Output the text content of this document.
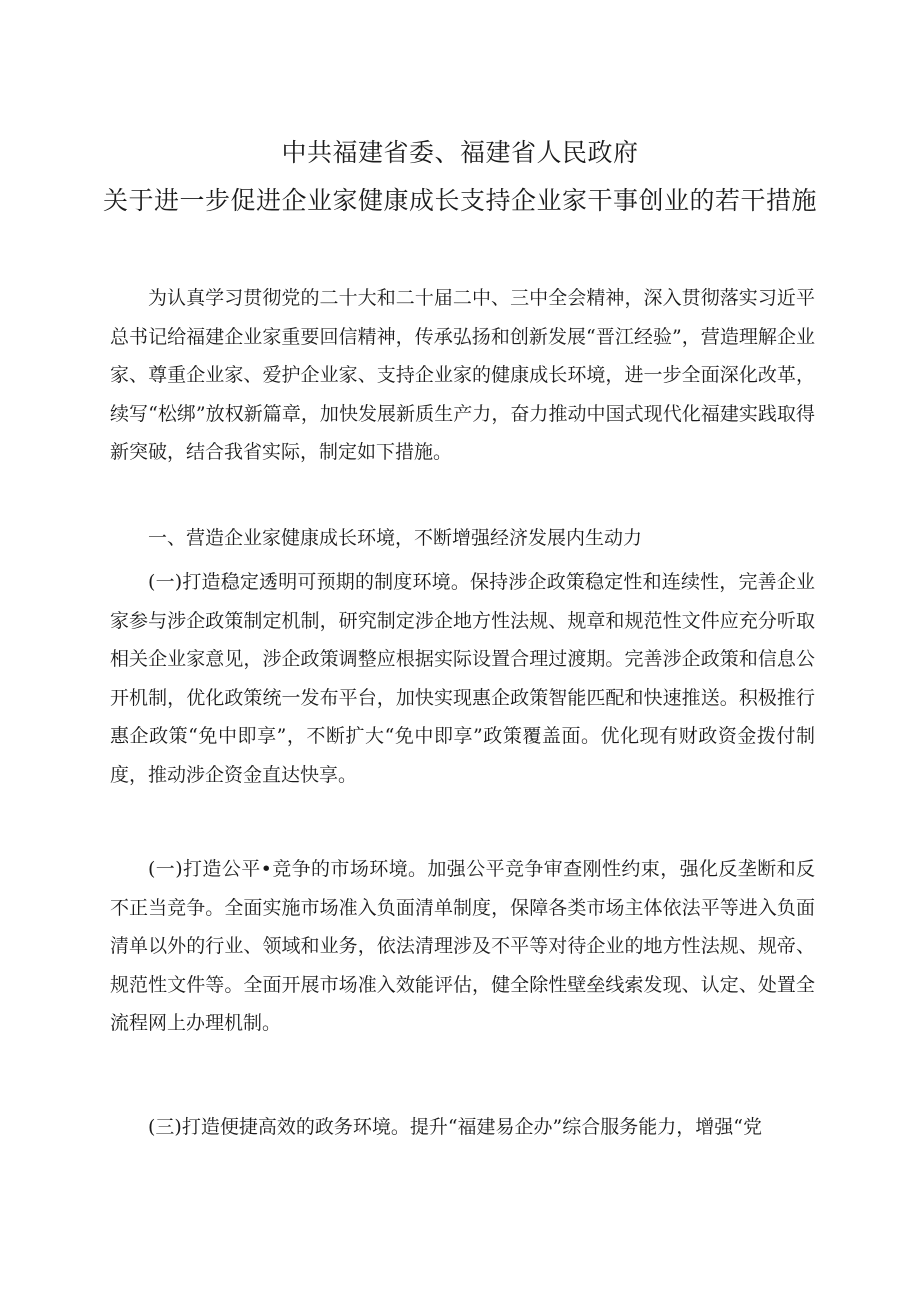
中共福建省委、福建省人民政府
关于进一步促进企业家健康成长支持企业家干事创业的若干措施

为认真学习贯彻党的二十大和二十届二中、三中全会精神，深入贯彻落实习近平总书记给福建企业家重要回信精神，传承弘扬和创新发展“晋江经验”，营造理解企业家、尊重企业家、爱护企业家、支持企业家的健康成长环境，进一步全面深化改革，续写“松绑”放权新篇章，加快发展新质生产力，奋力推动中国式现代化福建实践取得新突破，结合我省实际，制定如下措施。

一、营造企业家健康成长环境，不断增强经济发展内生动力

(一)打造稳定透明可预期的制度环境。保持涉企政策稳定性和连续性，完善企业家参与涉企政策制定机制，研究制定涉企地方性法规、规章和规范性文件应充分听取相关企业家意见，涉企政策调整应根据实际设置合理过渡期。完善涉企政策和信息公开机制，优化政策统一发布平台，加快实现惠企政策智能匹配和快速推送。积极推行惠企政策“免中即享”，不断扩大“免中即享”政策覆盖面。优化现有财政资金拨付制度，推动涉企资金直达快享。

(一)打造公平•竞争的市场环境。加强公平竞争审查刚性约束，强化反垄断和反不正当竞争。全面实施市场准入负面清单制度，保障各类市场主体依法平等进入负面清单以外的行业、领域和业务，依法清理涉及不平等对待企业的地方性法规、规帝、规范性文件等。全面开展市场准入效能评估，健全除性壁垒线索发现、认定、处置全流程网上办理机制。

(三)打造便捷高效的政务环境。提升“福建易企办”综合服务能力，增强“党
